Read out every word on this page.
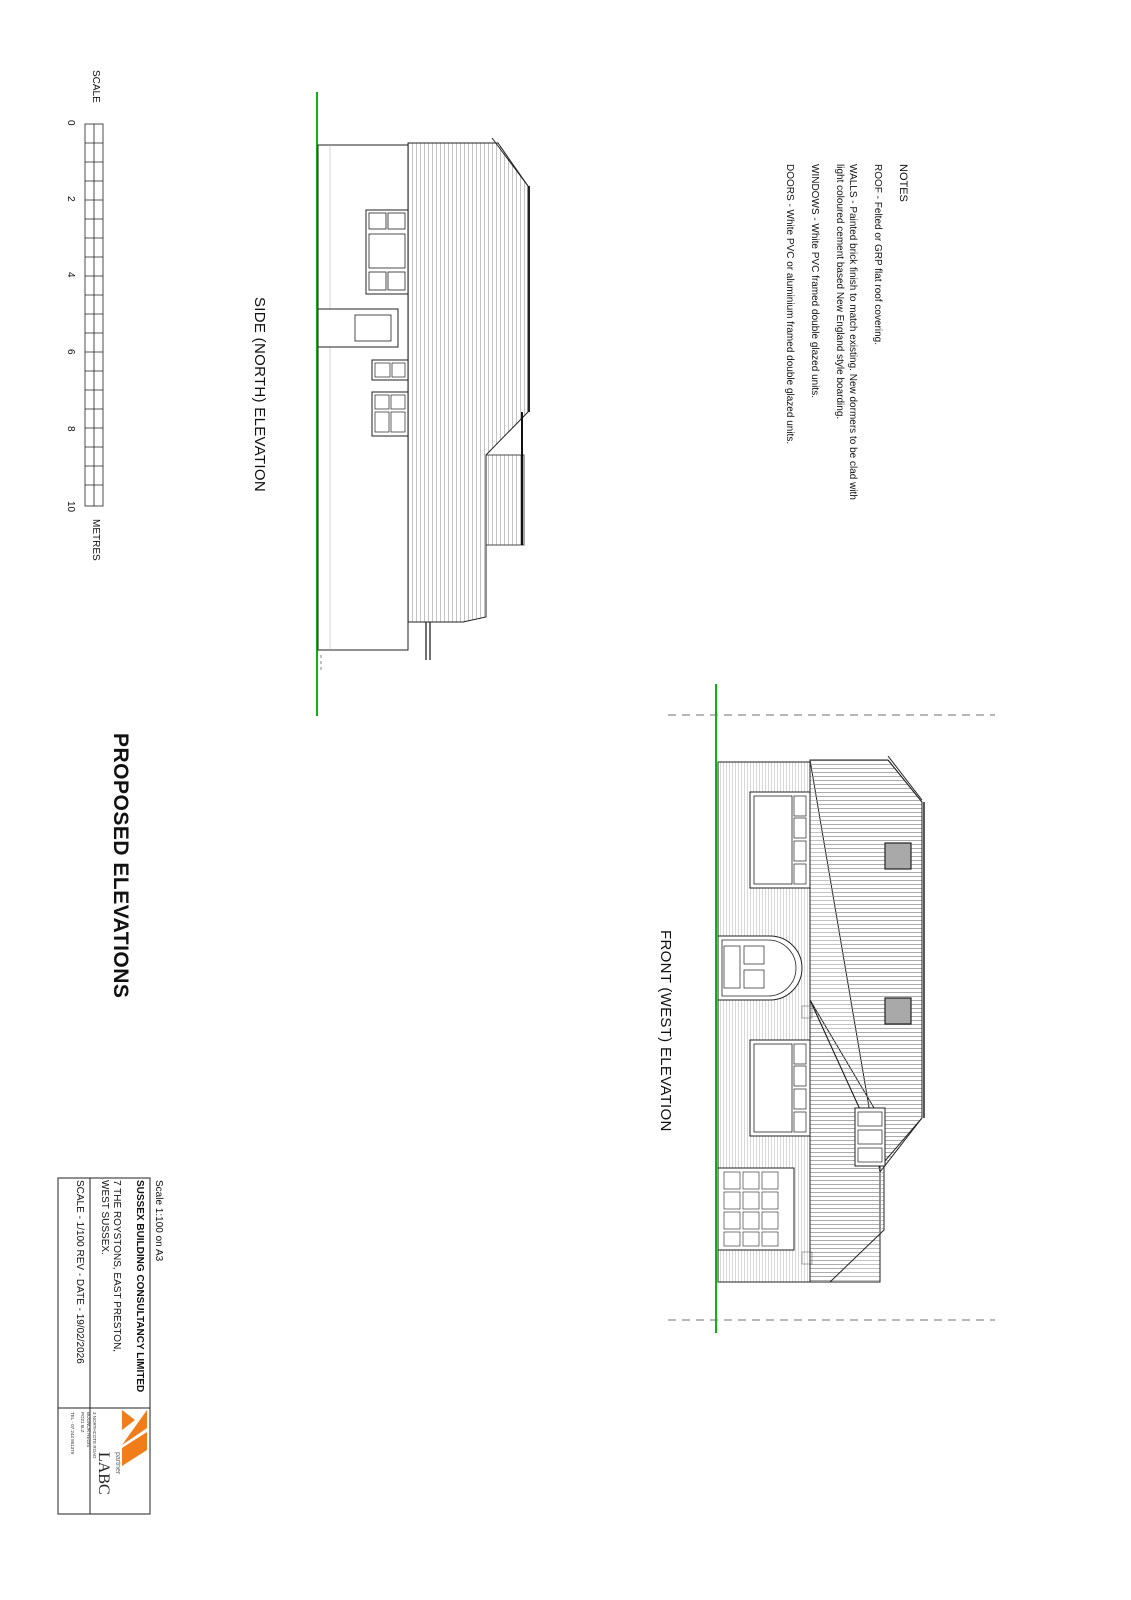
NOTES
ROOF - Felted or GRP flat roof covering.
WALLS - Painted brick finish to match existing. New dormers to be clad with
light coloured cement based New England style boarding.
WINDOWS - White PVC framed double glazed units.
DOORS - White PVC or aluminium framed double glazed units.
SIDE (NORTH) ELEVATION
FRONT (WEST) ELEVATION
PROPOSED ELEVATIONS
SCALE
METRES
0
2
4
6
8
10
Scale 1:100 on A3
SUSSEX BUILDING CONSULTANCY LIMITED
7 THE ROYSTONS, EAST PRESTON,
WEST SUSSEX.
SCALE - 1/100 REV - DATE - 19/02/2026
partner
LABC
3 NORTHCOTE ROAD
BOGNOR REGIS
PO21 5LZ
TEL - 07 243 861379
